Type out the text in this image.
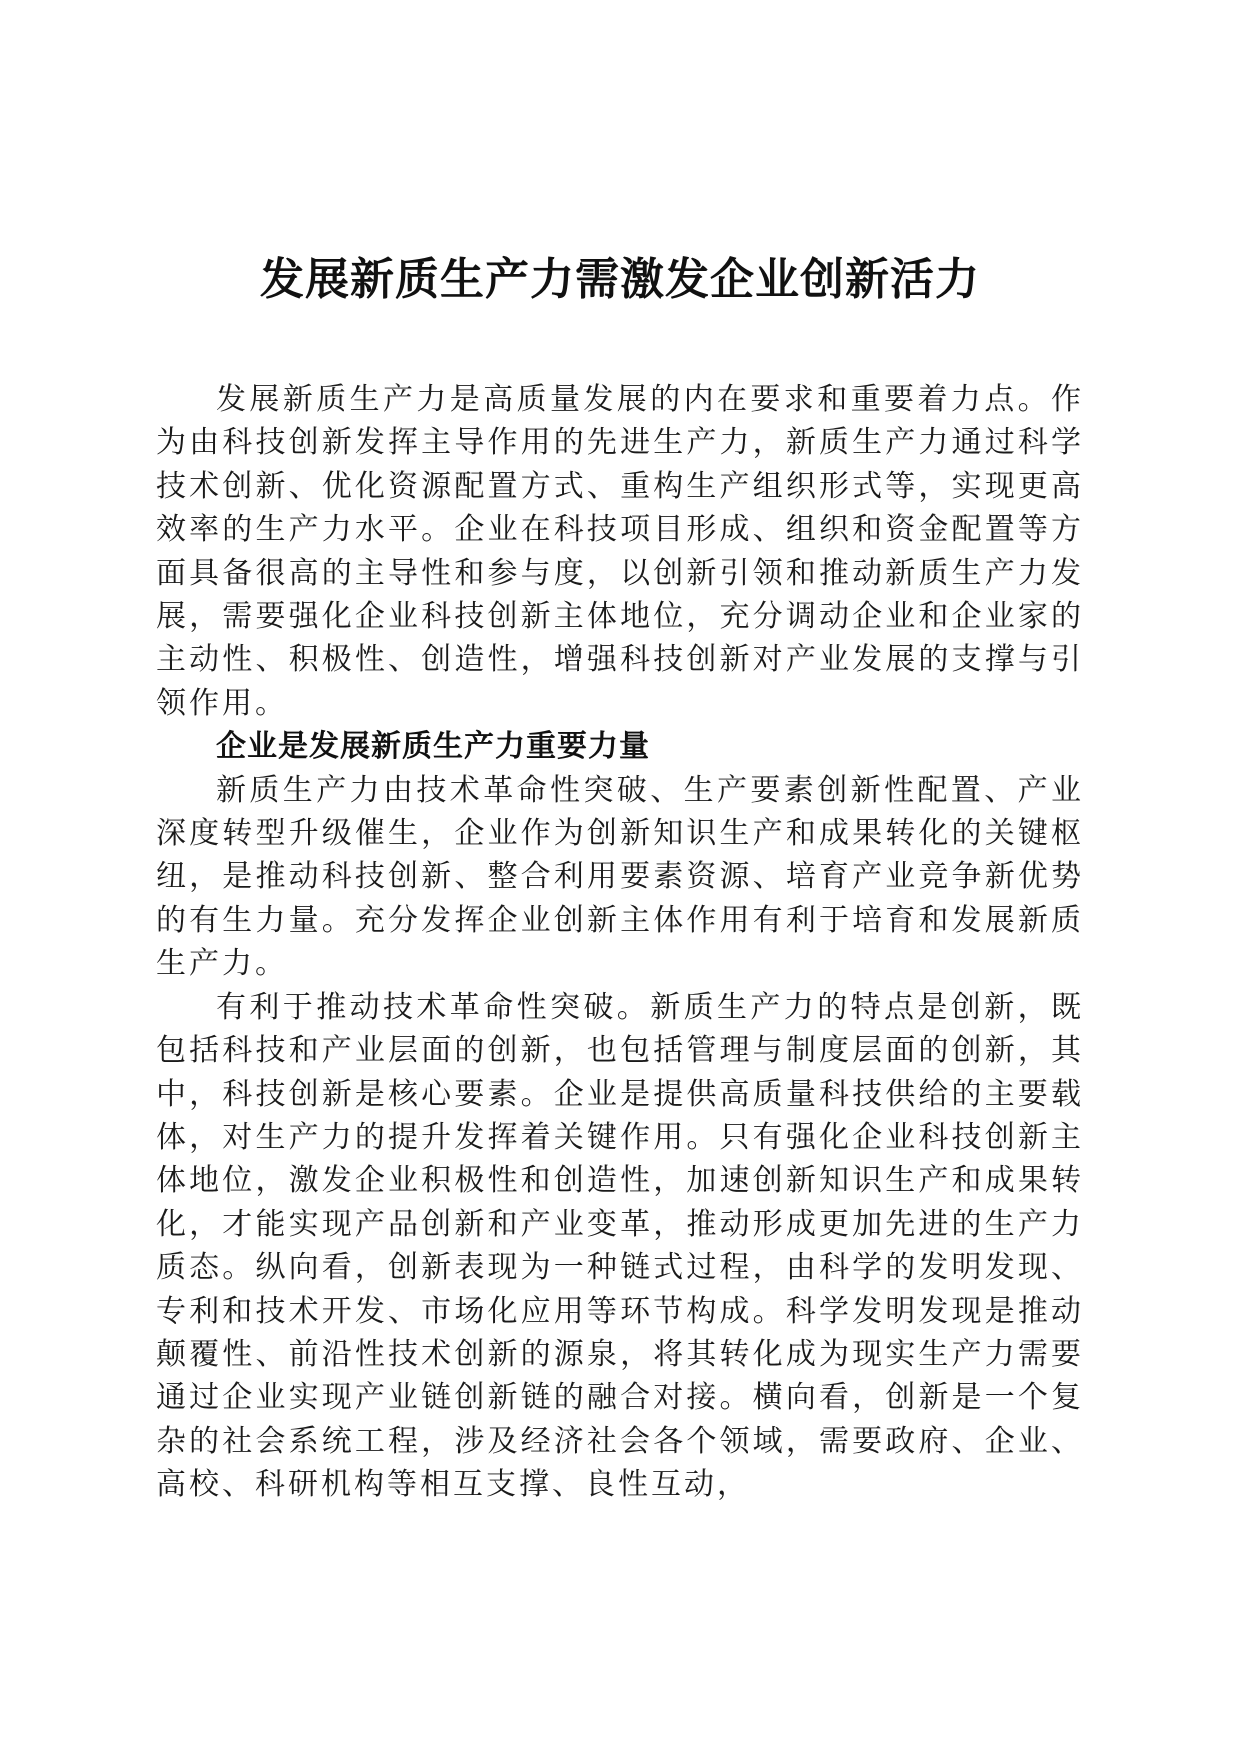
发展新质生产力需激发企业创新活力

发展新质生产力是高质量发展的内在要求和重要着力点。作为由科技创新发挥主导作用的先进生产力，新质生产力通过科学技术创新、优化资源配置方式、重构生产组织形式等，实现更高效率的生产力水平。企业在科技项目形成、组织和资金配置等方面具备很高的主导性和参与度，以创新引领和推动新质生产力发展，需要强化企业科技创新主体地位，充分调动企业和企业家的主动性、积极性、创造性，增强科技创新对产业发展的支撑与引领作用。

企业是发展新质生产力重要力量

新质生产力由技术革命性突破、生产要素创新性配置、产业深度转型升级催生，企业作为创新知识生产和成果转化的关键枢纽，是推动科技创新、整合利用要素资源、培育产业竞争新优势的有生力量。充分发挥企业创新主体作用有利于培育和发展新质生产力。

有利于推动技术革命性突破。新质生产力的特点是创新，既包括科技和产业层面的创新，也包括管理与制度层面的创新，其中，科技创新是核心要素。企业是提供高质量科技供给的主要载体，对生产力的提升发挥着关键作用。只有强化企业科技创新主体地位，激发企业积极性和创造性，加速创新知识生产和成果转化，才能实现产品创新和产业变革，推动形成更加先进的生产力质态。纵向看，创新表现为一种链式过程，由科学的发明发现、专利和技术开发、市场化应用等环节构成。科学发明发现是推动颠覆性、前沿性技术创新的源泉，将其转化成为现实生产力需要通过企业实现产业链创新链的融合对接。横向看，创新是一个复杂的社会系统工程，涉及经济社会各个领域，需要政府、企业、高校、科研机构等相互支撑、良性互动，
